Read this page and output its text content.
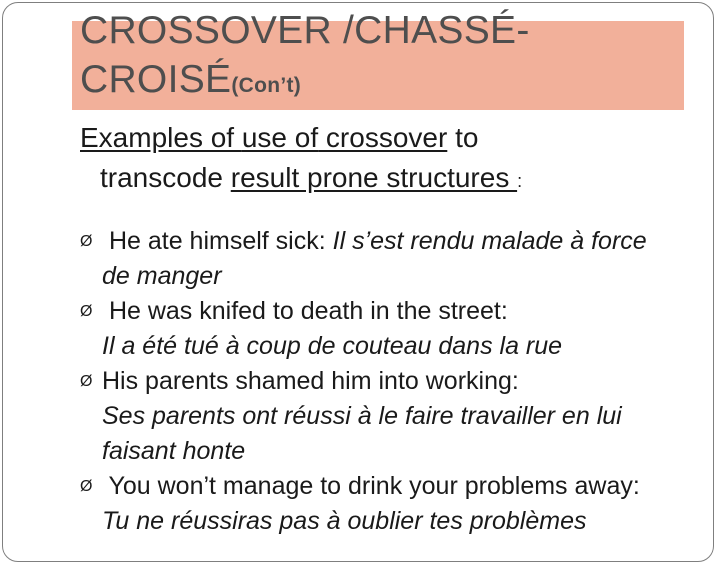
CROSSOVER /CHASSÉ-CROISÉ(Con’t)

Examples of use of crossover to
transcode result prone structures :

Ø He ate himself sick: Il s’est rendu malade à force de manger
Ø He was knifed to death in the street:
Il a été tué à coup de couteau dans la rue
Ø His parents shamed him into working:
Ses parents ont réussi à le faire travailler en lui faisant honte
Ø You won’t manage to drink your problems away:
Tu ne réussiras pas à oublier tes problèmes
